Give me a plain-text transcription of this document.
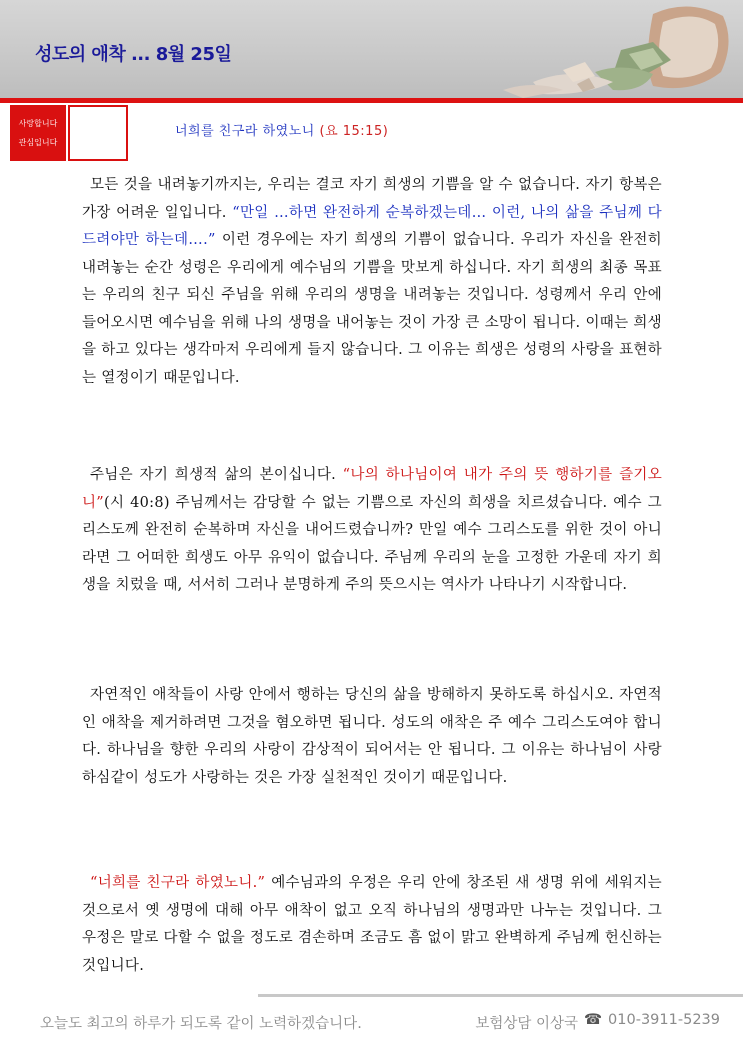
성도의 애착 ... 8월 25일
사랑합니다
관심입니다
너희를 친구라 하였노니 (요 15:15)
모든 것을 내려놓기까지는, 우리는 결코 자기 희생의 기쁨을 알 수 없습니다. 자기 항복은 가장 어려운 일입니다. “만일 …하면 완전하게 순복하겠는데… 이런, 나의 삶을 주님께 다 드려야만 하는데….” 이런 경우에는 자기 희생의 기쁨이 없습니다. 우리가 자신을 완전히 내려놓는 순간 성령은 우리에게 예수님의 기쁨을 맛보게 하십니다. 자기 희생의 최종 목표는 우리의 친구 되신 주님을 위해 우리의 생명을 내려놓는 것입니다. 성령께서 우리 안에 들어오시면 예수님을 위해 나의 생명을 내어놓는 것이 가장 큰 소망이 됩니다. 이때는 희생을 하고 있다는 생각마저 우리에게 들지 않습니다. 그 이유는 희생은 성령의 사랑을 표현하는 열정이기 때문입니다.
주님은 자기 희생적 삶의 본이십니다. “나의 하나님이여 내가 주의 뜻 행하기를 즐기오니”(시 40:8) 주님께서는 감당할 수 없는 기쁨으로 자신의 희생을 치르셨습니다. 예수 그리스도께 완전히 순복하며 자신을 내어드렸습니까? 만일 예수 그리스도를 위한 것이 아니라면 그 어떠한 희생도 아무 유익이 없습니다. 주님께 우리의 눈을 고정한 가운데 자기 희생을 치렀을 때, 서서히 그러나 분명하게 주의 뜻으시는 역사가 나타나기 시작합니다.
자연적인 애착들이 사랑 안에서 행하는 당신의 삶을 방해하지 못하도록 하십시오. 자연적인 애착을 제거하려면 그것을 혐오하면 됩니다. 성도의 애착은 주 예수 그리스도여야 합니다. 하나님을 향한 우리의 사랑이 감상적이 되어서는 안 됩니다. 그 이유는 하나님이 사랑하심같이 성도가 사랑하는 것은 가장 실천적인 것이기 때문입니다.
“너희를 친구라 하였노니.” 예수님과의 우정은 우리 안에 창조된 새 생명 위에 세워지는 것으로서 옛 생명에 대해 아무 애착이 없고 오직 하나님의 생명과만 나누는 것입니다. 그 우정은 말로 다할 수 없을 정도로 겸손하며 조금도 흠 없이 맑고 완벽하게 주님께 헌신하는 것입니다.
오늘도 최고의 하루가 되도록 같이 노력하겠습니다.	보험상담 이상국 ☎ 010-3911-5239
